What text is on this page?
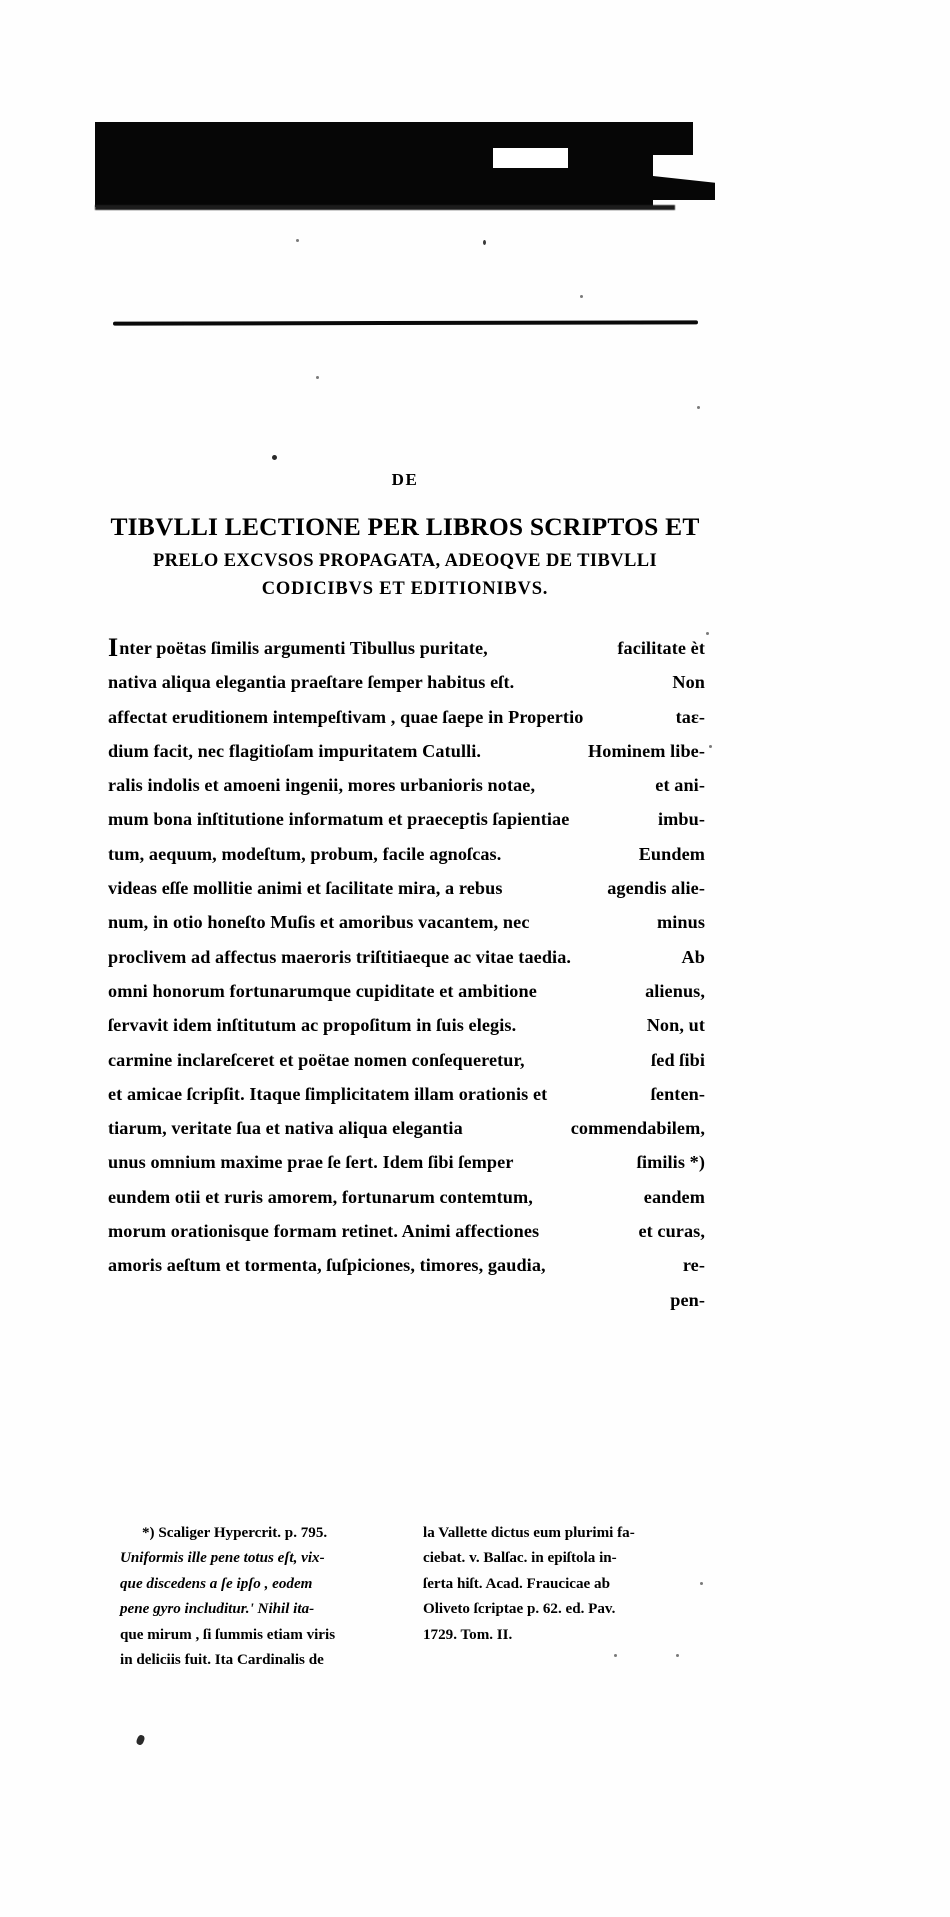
DE
TIBVLLI LECTIONE PER LIBROS SCRIPTOS ET
PRELO EXCVSOS PROPAGATA, ADEOQVE DE TIBVLLI
CODICIBVS ET EDITIONIBVS.
Inter poëtas ſimilis argumenti Tibullus puritate,	facilitate èt
nativa aliqua elegantia praeſtare ſemper habitus eſt.	Non
affectat eruditionem intempeſtivam , quae ſaepe in Propertio	taɛ-
dium facit, nec flagitioſam impuritatem Catulli.	Hominem libe-
ralis indolis et amoeni ingenii, mores urbanioris notae,	et ani-
mum bona inſtitutione informatum et praeceptis ſapientiae	imbu-
tum, aequum, modeſtum, probum, facile agnoſcas.	Eundem
videas eſſe mollitie animi et ſacilitate mira, a rebus	agendis alie-
num, in otio honeſto Muſis et amoribus vacantem, nec	minus
proclivem ad affectus maeroris triſtitiaeque ac vitae taedia.	Ab
omni honorum fortunarumque cupiditate et ambitione	alienus,
ſervavit idem inſtitutum ac propoſitum in ſuis elegis.	Non, ut
carmine inclareſceret et poëtae nomen conſequeretur,	ſed ſibi
et amicae ſcripſit. Itaque ſimplicitatem illam orationis et	ſenten-
tiarum, veritate ſua et nativa aliqua elegantia	commendabilem,
unus omnium maxime prae ſe ſert. Idem ſibi ſemper	ſimilis *)
eundem otii et ruris amorem, fortunarum contemtum,	eandem
morum orationisque formam retinet. Animi affectiones	et curas,
amoris aeſtum et tormenta, ſuſpiciones, timores, gaudia,	re-
pen-
*) Scaliger Hypercrit. p. 795.
Uniformis ille pene totus eſt, vix-
que discedens a ſe ipſo , eodem
pene gyro includitur.' Nihil ita-
que mirum , ſi ſummis etiam viris
in deliciis fuit. Ita Cardinalis de
la Vallette dictus eum plurimi fa-
ciebat. v. Balſac. in epiſtola in-
ſerta hiſt. Acad. Fraucicae ab
Oliveto ſcriptae p. 62. ed. Pav.
1729. Tom. II.
